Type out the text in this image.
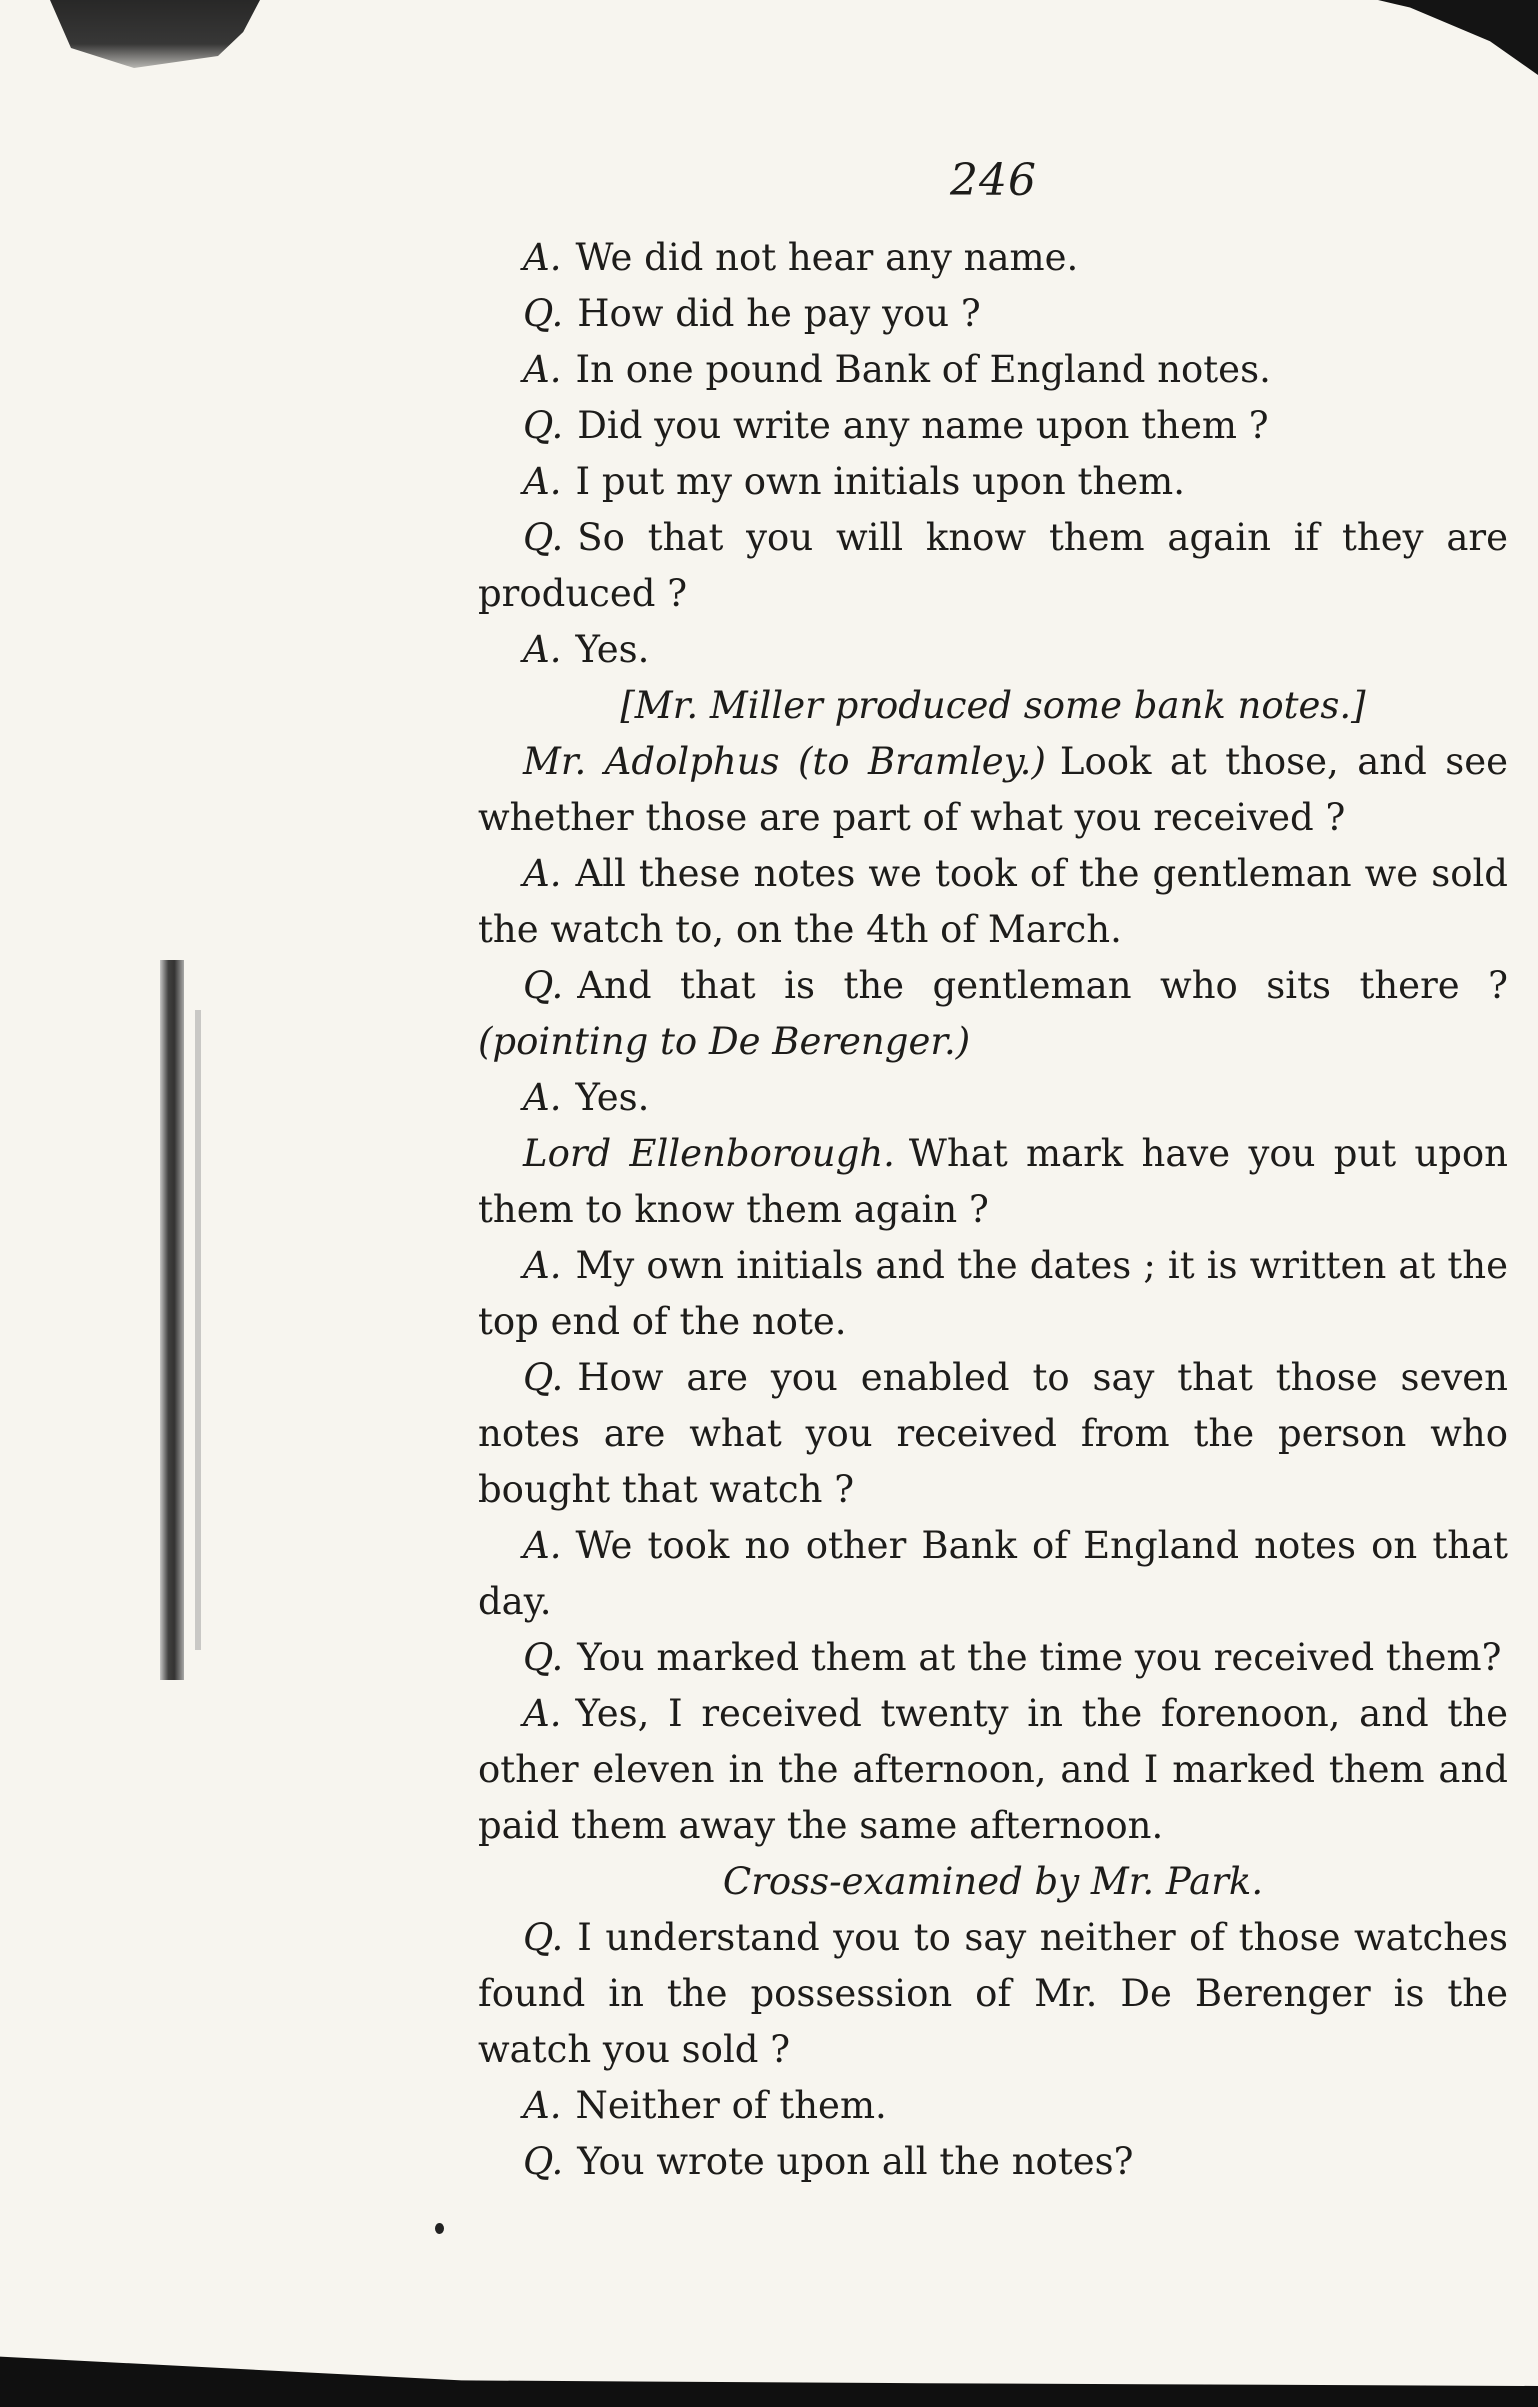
246

A. We did not hear any name.

Q. How did he pay you ?

A. In one pound Bank of England notes.

Q. Did you write any name upon them ?

A. I put my own initials upon them.

Q. So that you will know them again if they are produced ?

A. Yes.

[Mr. Miller produced some bank notes.]

Mr. Adolphus (to Bramley.) Look at those, and see whether those are part of what you received ?

A. All these notes we took of the gentleman we sold the watch to, on the 4th of March.

Q. And that is the gentleman who sits there ? (pointing to De Berenger.)

A. Yes.

Lord Ellenborough. What mark have you put upon them to know them again ?

A. My own initials and the dates ; it is written at the top end of the note.

Q. How are you enabled to say that those seven notes are what you received from the person who bought that watch ?

A. We took no other Bank of England notes on that day.

Q. You marked them at the time you received them?

A. Yes, I received twenty in the forenoon, and the other eleven in the afternoon, and I marked them and paid them away the same afternoon.

Cross-examined by Mr. Park.

Q. I understand you to say neither of those watches found in the possession of Mr. De Berenger is the watch you sold ?

A. Neither of them.

Q. You wrote upon all the notes?
